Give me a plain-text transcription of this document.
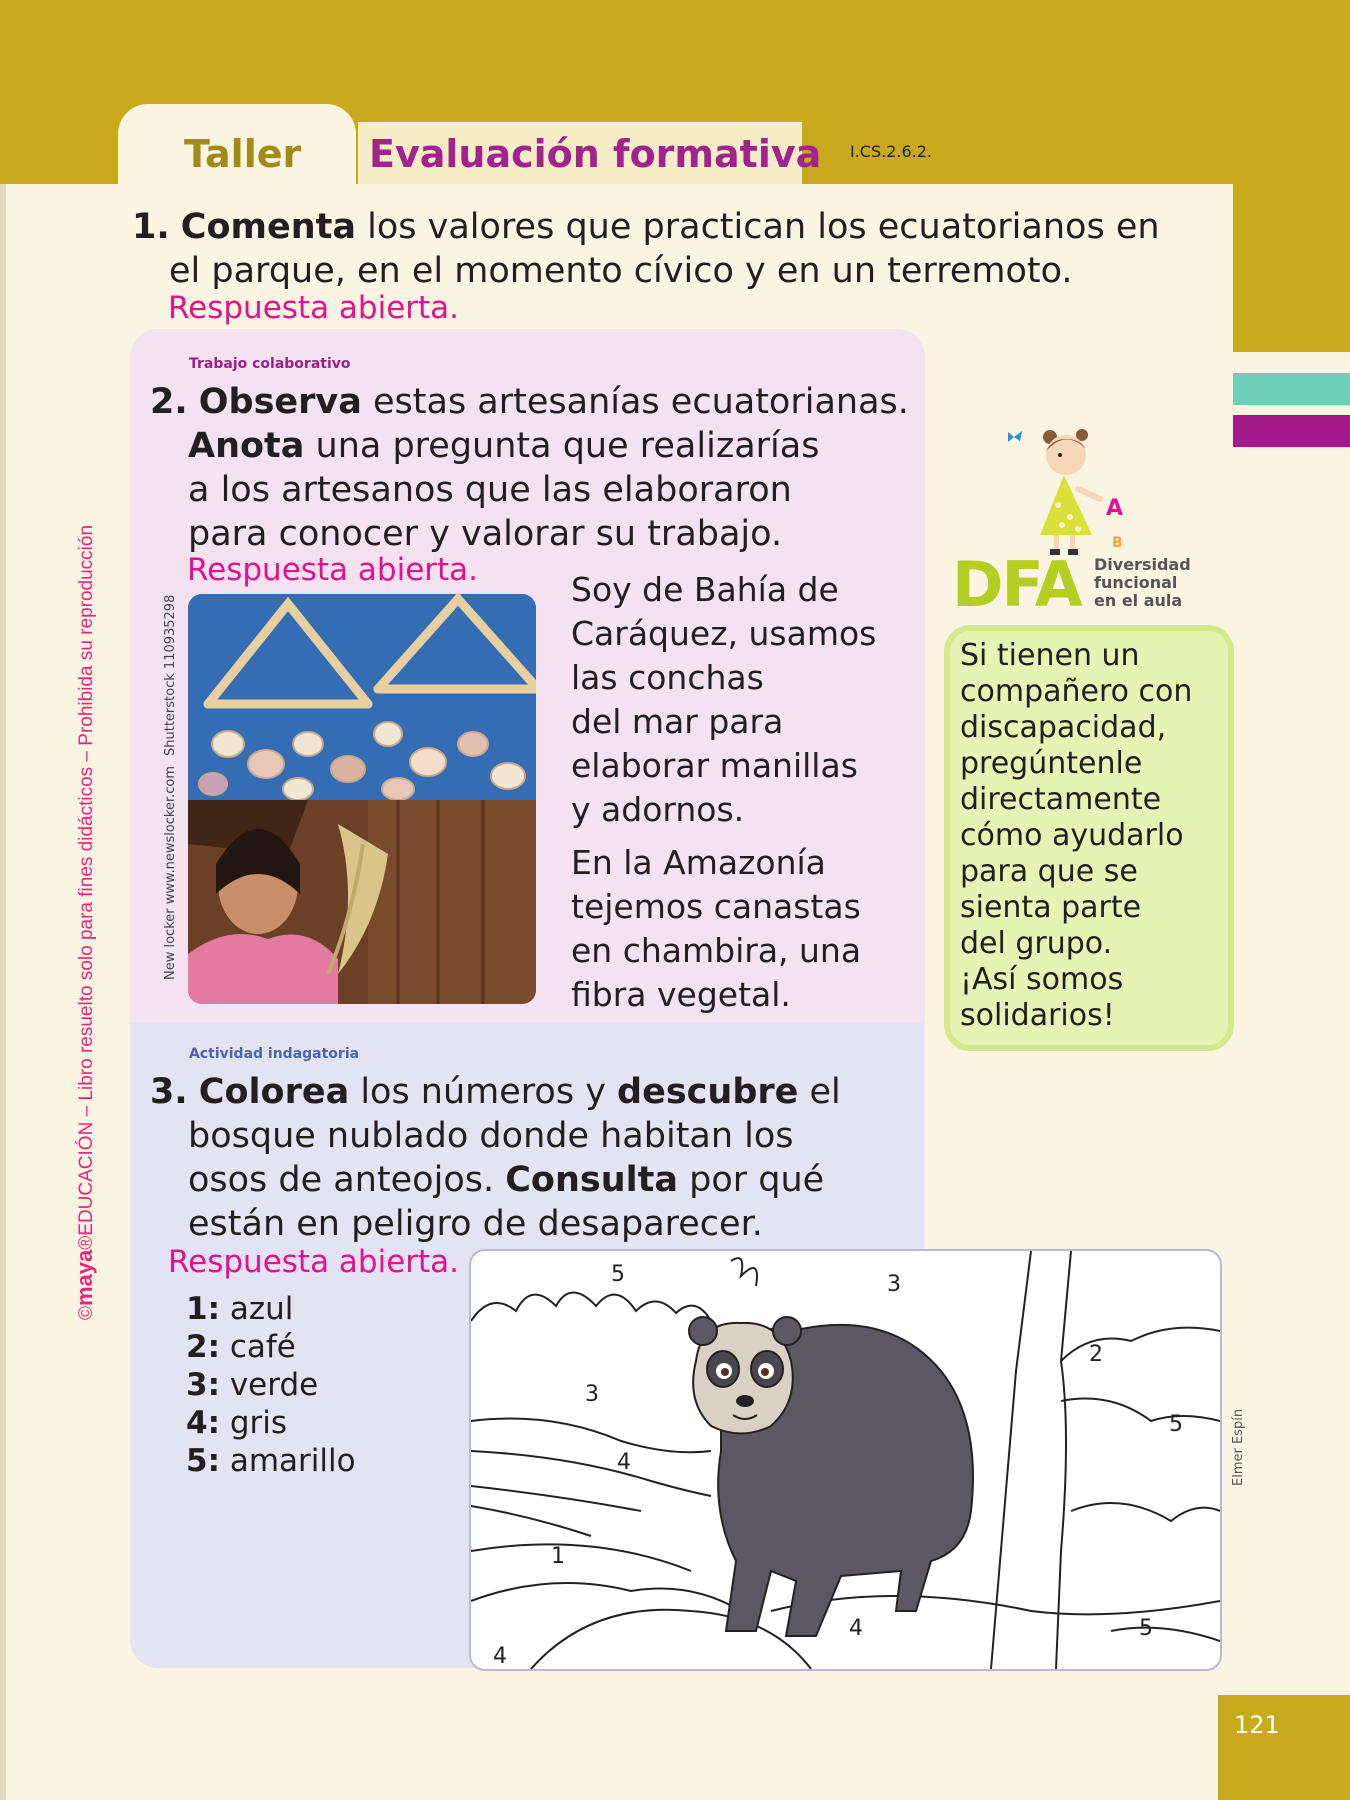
Taller Evaluación formativa I.CS.2.6.2.
©maya®EDUCACIÓN – Libro resuelto solo para fines didácticos – Prohibida su reproducción
1. Comenta los valores que practican los ecuatorianos en
el parque, en el momento cívico y en un terremoto.
Respuesta abierta.
Trabajo colaborativo
2. Observa estas artesanías ecuatorianas.
Anota una pregunta que realizarías
a los artesanos que las elaboraron
para conocer y valorar su trabajo.
Respuesta abierta.
Shutterstock 110935298
New locker www.newslocker.com
Soy de Bahía de
Caráquez, usamos
las conchas
del mar para
elaborar manillas
y adornos.
En la Amazonía
tejemos canastas
en chambira, una
fibra vegetal.
A
B
DFA Diversidad
funcional
en el aula
Si tienen un
compañero con
discapacidad,
pregúntenle
directamente
cómo ayudarlo
para que se
sienta parte
del grupo.
¡Así somos
solidarios!
Actividad indagatoria
3. Colorea los números y descubre el
bosque nublado donde habitan los
osos de anteojos. Consulta por qué
están en peligro de desaparecer.
Respuesta abierta.
1: azul
2: café
3: verde
4: gris
5: amarillo
5	3
2
3
4
5
1
4	5
4
Elmer Espín
121
